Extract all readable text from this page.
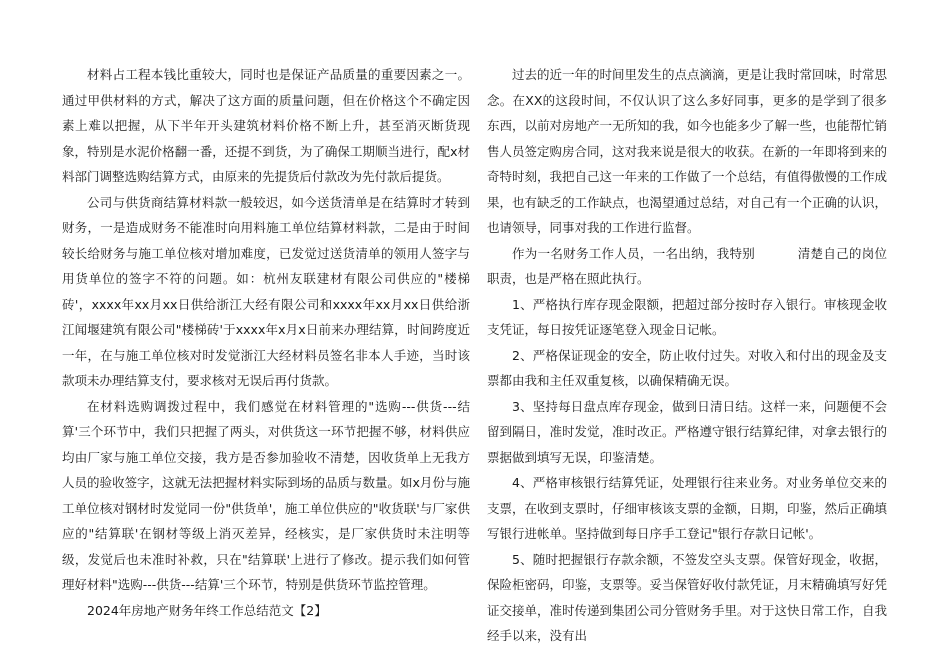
材料占工程本钱比重较大，同时也是保证产品质量的重要因素之一。通过甲供材料的方式，解决了这方面的质量问题，但在价格这个不确定因素上难以把握，从下半年开头建筑材料价格不断上升，甚至消灭断货现象，特别是水泥价格翻一番，还提不到货，为了确保工期顺当进行，配x材料部门调整选购结算方式，由原来的先提货后付款改为先付款后提货。

公司与供货商结算材料款一般较迟，如今送货清单是在结算时才转到财务，一是造成财务不能准时向用料施工单位结算材料款，二是由于时间较长给财务与施工单位核对增加难度，已发觉过送货清单的领用人签字与用货单位的签字不符的问题。如：杭州友联建材有限公司供应的"楼梯砖'，xxxx年xx月xx日供给浙江大经有限公司和xxxx年xx月xx日供给浙江闻堰建筑有限公司"楼梯砖'于xxxx年x月x日前来办理结算，时间跨度近一年，在与施工单位核对时发觉浙江大经材料员签名非本人手迹，当时该款项未办理结算支付，要求核对无误后再付货款。

在材料选购调拨过程中，我们感觉在材料管理的"选购---供货---结算'三个环节中，我们只把握了两头，对供货这一环节把握不够，材料供应均由厂家与施工单位交接，我方是否参加验收不清楚，因收货单上无我方人员的验收签字，这就无法把握材料实际到场的品质与数量。如x月份与施工单位核对钢材时发觉同一份"供货单'，施工单位供应的"收货联'与厂家供应的"结算联'在钢材等级上消灭差异，经核实，是厂家供货时未注明等级，发觉后也未准时补救，只在"结算联'上进行了修改。提示我们如何管理好材料"选购---供货---结算'三个环节，特别是供货环节监控管理。

2024年房地产财务年终工作总结范文【2】

过去的近一年的时间里发生的点点滴滴，更是让我时常回味，时常思念。在XX的这段时间，不仅认识了这么多好同事，更多的是学到了很多东西，以前对房地产一无所知的我，如今也能多少了解一些，也能帮忙销售人员签定购房合同，这对我来说是很大的收获。在新的一年即将到来的奇特时刻，我把自己这一年来的工作做了一个总结，有值得傲慢的工作成果，也有缺乏的工作缺点，也渴望通过总结，对自己有一个正确的认识，也请领导，同事对我的工作进行监督。

作为一名财务工作人员，一名出纳，我特别          清楚自己的岗位职责，也是严格在照此执行。

1、严格执行库存现金限额，把超过部分按时存入银行。审核现金收支凭证，每日按凭证逐笔登入现金日记帐。

2、严格保证现金的安全，防止收付过失。对收入和付出的现金及支票都由我和主任双重复核，以确保精确无误。

3、坚持每日盘点库存现金，做到日清日结。这样一来，问题便不会留到隔日，准时发觉，准时改正。严格遵守银行结算纪律，对拿去银行的票据做到填写无误，印鉴清楚。

4、严格审核银行结算凭证，处理银行往来业务。对业务单位交来的支票，在收到支票时，仔细审核该支票的金额，日期，印鉴，然后正确填写银行进帐单。坚持做到每日序手工登记"银行存款日记帐'。

5、随时把握银行存款余额，不签发空头支票。保管好现金，收据，保险柜密码，印鉴，支票等。妥当保管好收付款凭证，月末精确填写好凭证交接单，准时传递到集团公司分管财务手里。对于这快日常工作，自我经手以来，没有出
